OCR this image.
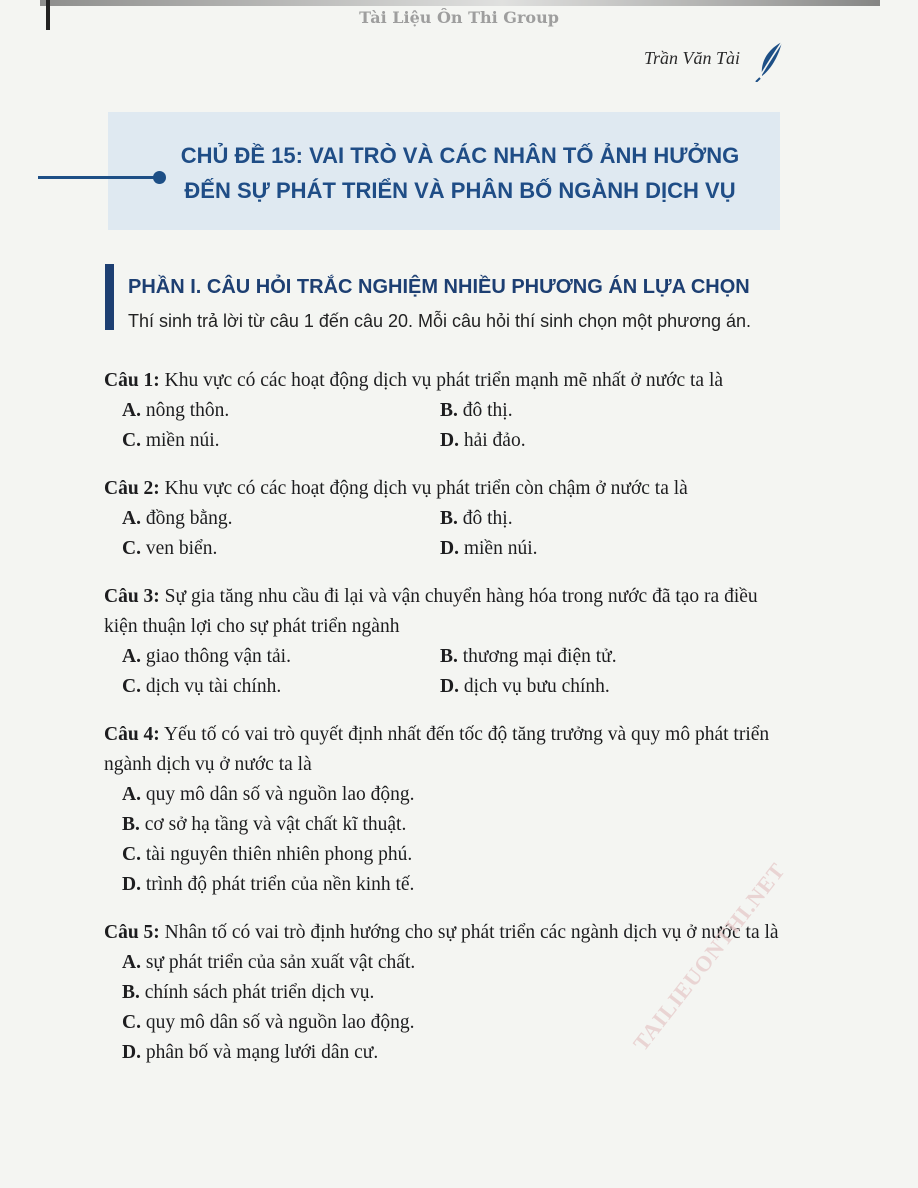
Tài Liệu Ôn Thi Group
Trần Văn Tài
CHỦ ĐỀ 15: VAI TRÒ VÀ CÁC NHÂN TỐ ẢNH HƯỞNG
ĐẾN SỰ PHÁT TRIỂN VÀ PHÂN BỐ NGÀNH DỊCH VỤ
PHẦN I. CÂU HỎI TRẮC NGHIỆM NHIỀU PHƯƠNG ÁN LỰA CHỌN
Thí sinh trả lời từ câu 1 đến câu 20. Mỗi câu hỏi thí sinh chọn một phương án.

Câu 1: Khu vực có các hoạt động dịch vụ phát triển mạnh mẽ nhất ở nước ta là

A. nông thôn.	B. đô thị.
C. miền núi.	D. hải đảo.

Câu 2: Khu vực có các hoạt động dịch vụ phát triển còn chậm ở nước ta là

A. đồng bằng.	B. đô thị.
C. ven biển.	D. miền núi.

Câu 3: Sự gia tăng nhu cầu đi lại và vận chuyển hàng hóa trong nước đã tạo ra điều kiện thuận lợi cho sự phát triển ngành

A. giao thông vận tải.	B. thương mại điện tử.
C. dịch vụ tài chính.	D. dịch vụ bưu chính.

Câu 4: Yếu tố có vai trò quyết định nhất đến tốc độ tăng trưởng và quy mô phát triển ngành dịch vụ ở nước ta là

A. quy mô dân số và nguồn lao động.
B. cơ sở hạ tầng và vật chất kĩ thuật.
C. tài nguyên thiên nhiên phong phú.
D. trình độ phát triển của nền kinh tế.

Câu 5: Nhân tố có vai trò định hướng cho sự phát triển các ngành dịch vụ ở nước ta là

A. sự phát triển của sản xuất vật chất.
B. chính sách phát triển dịch vụ.
C. quy mô dân số và nguồn lao động.
D. phân bố và mạng lưới dân cư.	TAILIEUONTHI.NET
